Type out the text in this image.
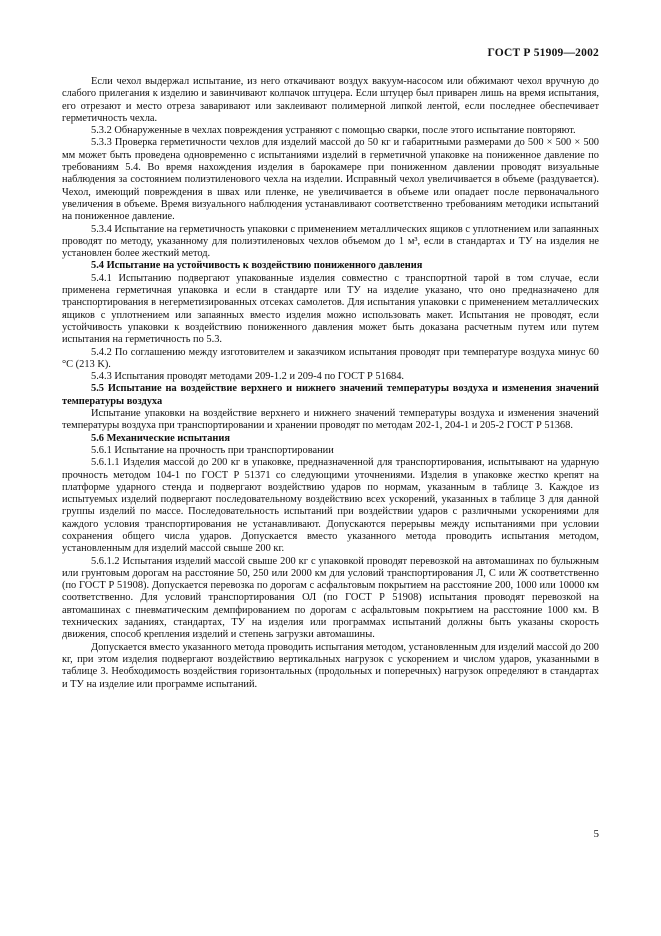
ГОСТ Р 51909—2002

Если чехол выдержал испытание, из него откачивают воздух вакуум-насосом или обжимают чехол вручную до слабого прилегания к изделию и завинчивают колпачок штуцера. Если штуцер был приварен лишь на время испытания, его отрезают и место отреза заваривают или заклеивают полимерной липкой лентой, если последнее обеспечивает герметичность чехла.

5.3.2 Обнаруженные в чехлах повреждения устраняют с помощью сварки, после этого испытание повторяют.

5.3.3 Проверка герметичности чехлов для изделий массой до 50 кг и габаритными размерами до 500 × 500 × 500 мм может быть проведена одновременно с испытаниями изделий в герметичной упаковке на пониженное давление по требованиям 5.4. Во время нахождения изделия в барокамере при пониженном давлении проводят визуальные наблюдения за состоянием полиэтиленового чехла на изделии. Исправный чехол увеличивается в объеме (раздувается). Чехол, имеющий повреждения в швах или пленке, не увеличивается в объеме или опадает после первоначального увеличения в объеме. Время визуального наблюдения устанавливают соответственно требованиям методики испытаний на пониженное давление.

5.3.4 Испытание на герметичность упаковки с применением металлических ящиков с уплотнением или запаянных проводят по методу, указанному для полиэтиленовых чехлов объемом до 1 м³, если в стандартах и ТУ на изделия не установлен более жесткий метод.

5.4 Испытание на устойчивость к воздействию пониженного давления

5.4.1 Испытанию подвергают упакованные изделия совместно с транспортной тарой в том случае, если применена герметичная упаковка и если в стандарте или ТУ на изделие указано, что оно предназначено для транспортирования в негерметизированных отсеках самолетов. Для испытания упаковки с применением металлических ящиков с уплотнением или запаянных вместо изделия можно использовать макет. Испытания не проводят, если устойчивость упаковки к воздействию пониженного давления может быть доказана расчетным путем или путем испытания на герметичность по 5.3.

5.4.2 По соглашению между изготовителем и заказчиком испытания проводят при температуре воздуха минус 60 °С (213 K).

5.4.3 Испытания проводят методами 209-1.2 и 209-4 по ГОСТ Р 51684.

5.5 Испытание на воздействие верхнего и нижнего значений температуры воздуха и изменения значений температуры воздуха

Испытание упаковки на воздействие верхнего и нижнего значений температуры воздуха и изменения значений температуры воздуха при транспортировании и хранении проводят по методам 202-1, 204-1 и 205-2 ГОСТ Р 51368.

5.6 Механические испытания

5.6.1 Испытание на прочность при транспортировании

5.6.1.1 Изделия массой до 200 кг в упаковке, предназначенной для транспортирования, испытывают на ударную прочность методом 104-1 по ГОСТ Р 51371 со следующими уточнениями. Изделия в упаковке жестко крепят на платформе ударного стенда и подвергают воздействию ударов по нормам, указанным в таблице 3. Каждое из испытуемых изделий подвергают последовательному воздействию всех ускорений, указанных в таблице 3 для данной группы изделий по массе. Последовательность испытаний при воздействии ударов с различными ускорениями для каждого условия транспортирования не устанавливают. Допускаются перерывы между испытаниями при условии сохранения общего числа ударов. Допускается вместо указанного метода проводить испытания методом, установленным для изделий массой свыше 200 кг.

5.6.1.2 Испытания изделий массой свыше 200 кг с упаковкой проводят перевозкой на автомашинах по булыжным или грунтовым дорогам на расстояние 50, 250 или 2000 км для условий транспортирования Л, С или Ж соответственно (по ГОСТ Р 51908). Допускается перевозка по дорогам с асфальтовым покрытием на расстояние 200, 1000 или 10000 км соответственно. Для условий транспортирования ОЛ (по ГОСТ Р 51908) испытания проводят перевозкой на автомашинах с пневматическим демпфированием по дорогам с асфальтовым покрытием на расстояние 1000 км. В технических заданиях, стандартах, ТУ на изделия или программах испытаний должны быть указаны скорость движения, способ крепления изделий и степень загрузки автомашины.

Допускается вместо указанного метода проводить испытания методом, установленным для изделий массой до 200 кг, при этом изделия подвергают воздействию вертикальных нагрузок с ускорением и числом ударов, указанными в таблице 3. Необходимость воздействия горизонтальных (продольных и поперечных) нагрузок определяют в стандартах и ТУ на изделие или программе испытаний.

5
